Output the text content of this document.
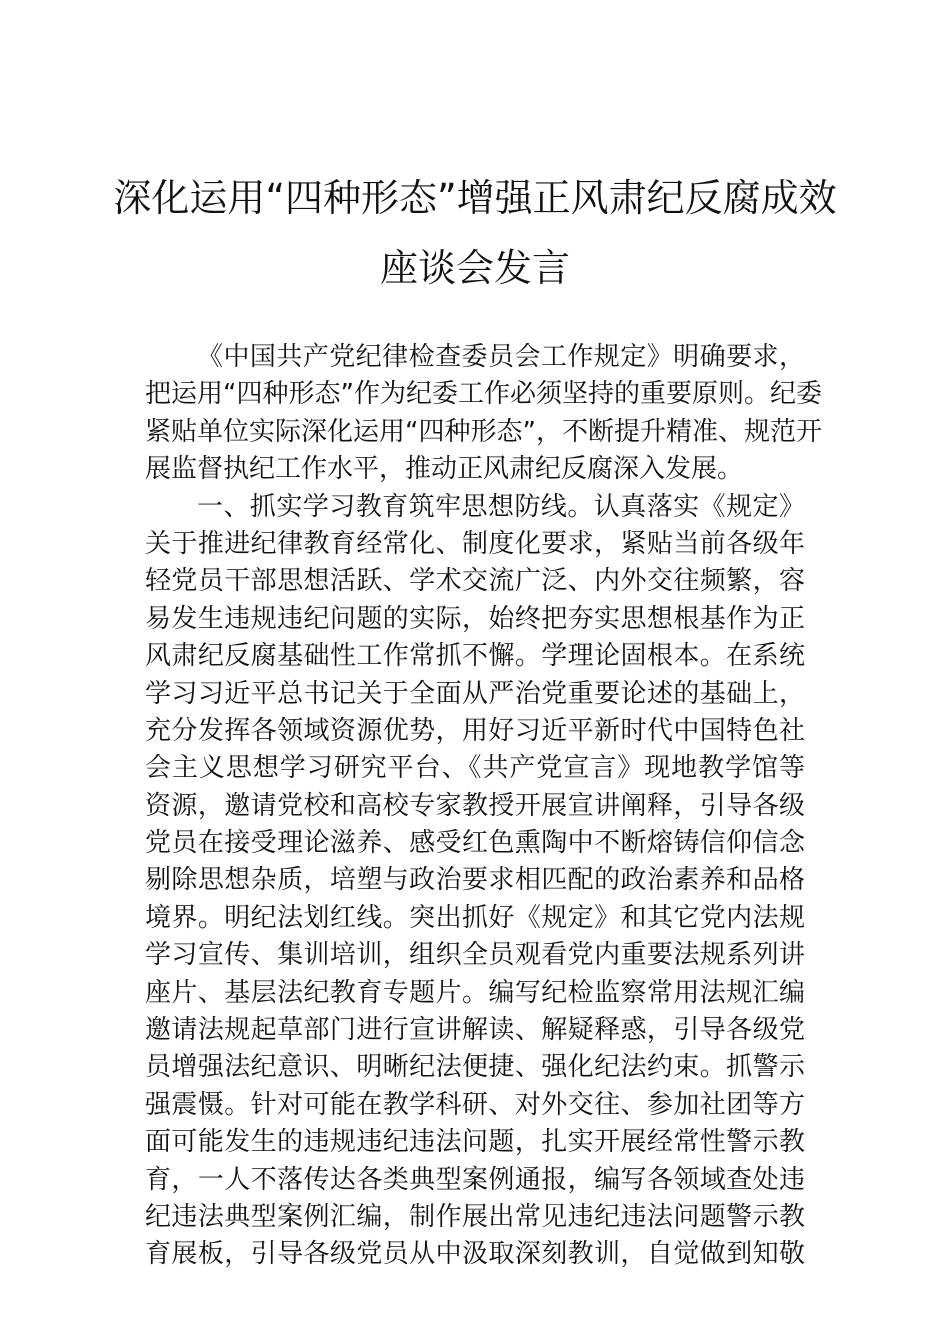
深化运用“四种形态”增强正风肃纪反腐成效
座谈会发言
《中国共产党纪律检查委员会工作规定》明确要求，
把运用“四种形态”作为纪委工作必须坚持的重要原则。纪委
紧贴单位实际深化运用“四种形态”，不断提升精准、规范开
展监督执纪工作水平，推动正风肃纪反腐深入发展。
一、抓实学习教育筑牢思想防线。认真落实《规定》
关于推进纪律教育经常化、制度化要求，紧贴当前各级年
轻党员干部思想活跃、学术交流广泛、内外交往频繁，容
易发生违规违纪问题的实际，始终把夯实思想根基作为正
风肃纪反腐基础性工作常抓不懈。学理论固根本。在系统
学习习近平总书记关于全面从严治党重要论述的基础上，
充分发挥各领域资源优势，用好习近平新时代中国特色社
会主义思想学习研究平台、《共产党宣言》现地教学馆等
资源，邀请党校和高校专家教授开展宣讲阐释，引导各级
党员在接受理论滋养、感受红色熏陶中不断熔铸信仰信念
剔除思想杂质，培塑与政治要求相匹配的政治素养和品格
境界。明纪法划红线。突出抓好《规定》和其它党内法规
学习宣传、集训培训，组织全员观看党内重要法规系列讲
座片、基层法纪教育专题片。编写纪检监察常用法规汇编
邀请法规起草部门进行宣讲解读、解疑释惑，引导各级党
员增强法纪意识、明晰纪法便捷、强化纪法约束。抓警示
强震慑。针对可能在教学科研、对外交往、参加社团等方
面可能发生的违规违纪违法问题，扎实开展经常性警示教
育，一人不落传达各类典型案例通报，编写各领域查处违
纪违法典型案例汇编，制作展出常见违纪违法问题警示教
育展板，引导各级党员从中汲取深刻教训，自觉做到知敬
